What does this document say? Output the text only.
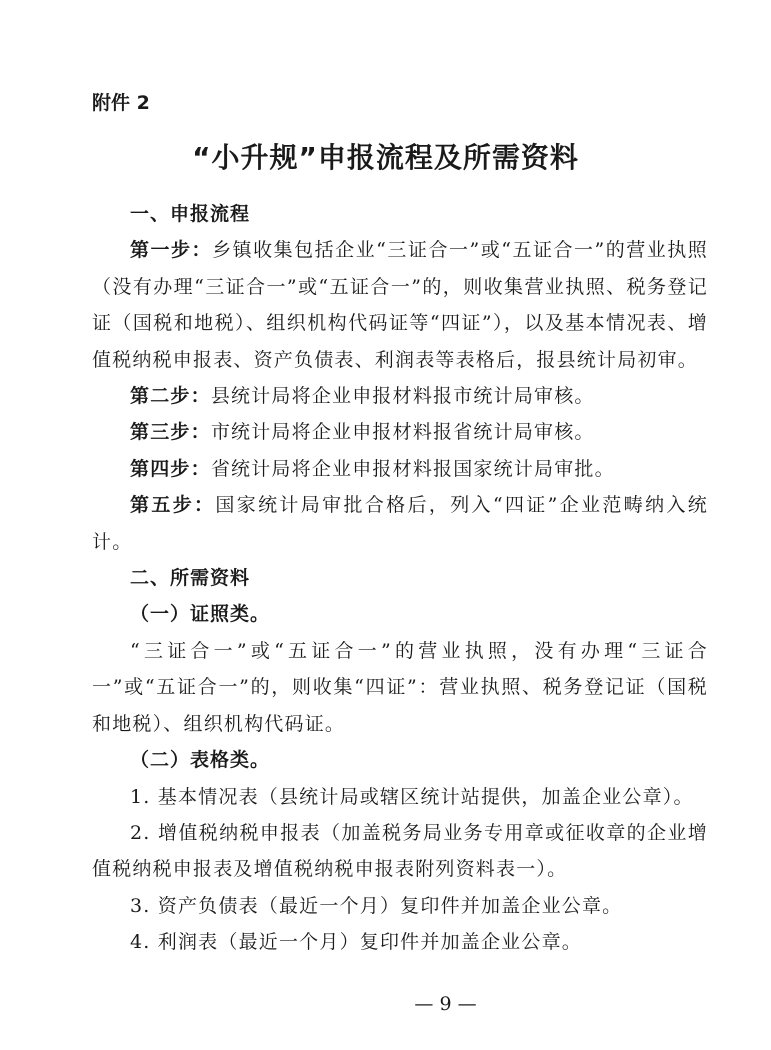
附件 2
“小升规”申报流程及所需资料

一、申报流程

第一步：乡镇收集包括企业“三证合一”或“五证合一”的营业执照（没有办理“三证合一”或“五证合一”的，则收集营业执照、税务登记证（国税和地税）、组织机构代码证等“四证”），以及基本情况表、增值税纳税申报表、资产负债表、利润表等表格后，报县统计局初审。

第二步：县统计局将企业申报材料报市统计局审核。

第三步：市统计局将企业申报材料报省统计局审核。

第四步：省统计局将企业申报材料报国家统计局审批。

第五步：国家统计局审批合格后，列入“四证”企业范畴纳入统计。

二、所需资料

（一）证照类。

“三证合一”或“五证合一”的营业执照，没有办理“三证合一”或“五证合一”的，则收集“四证”：营业执照、税务登记证（国税和地税）、组织机构代码证。

（二）表格类。

1. 基本情况表（县统计局或辖区统计站提供，加盖企业公章）。

2. 增值税纳税申报表（加盖税务局业务专用章或征收章的企业增值税纳税申报表及增值税纳税申报表附列资料表一）。

3. 资产负债表（最近一个月）复印件并加盖企业公章。

4. 利润表（最近一个月）复印件并加盖企业公章。

— 9 —
